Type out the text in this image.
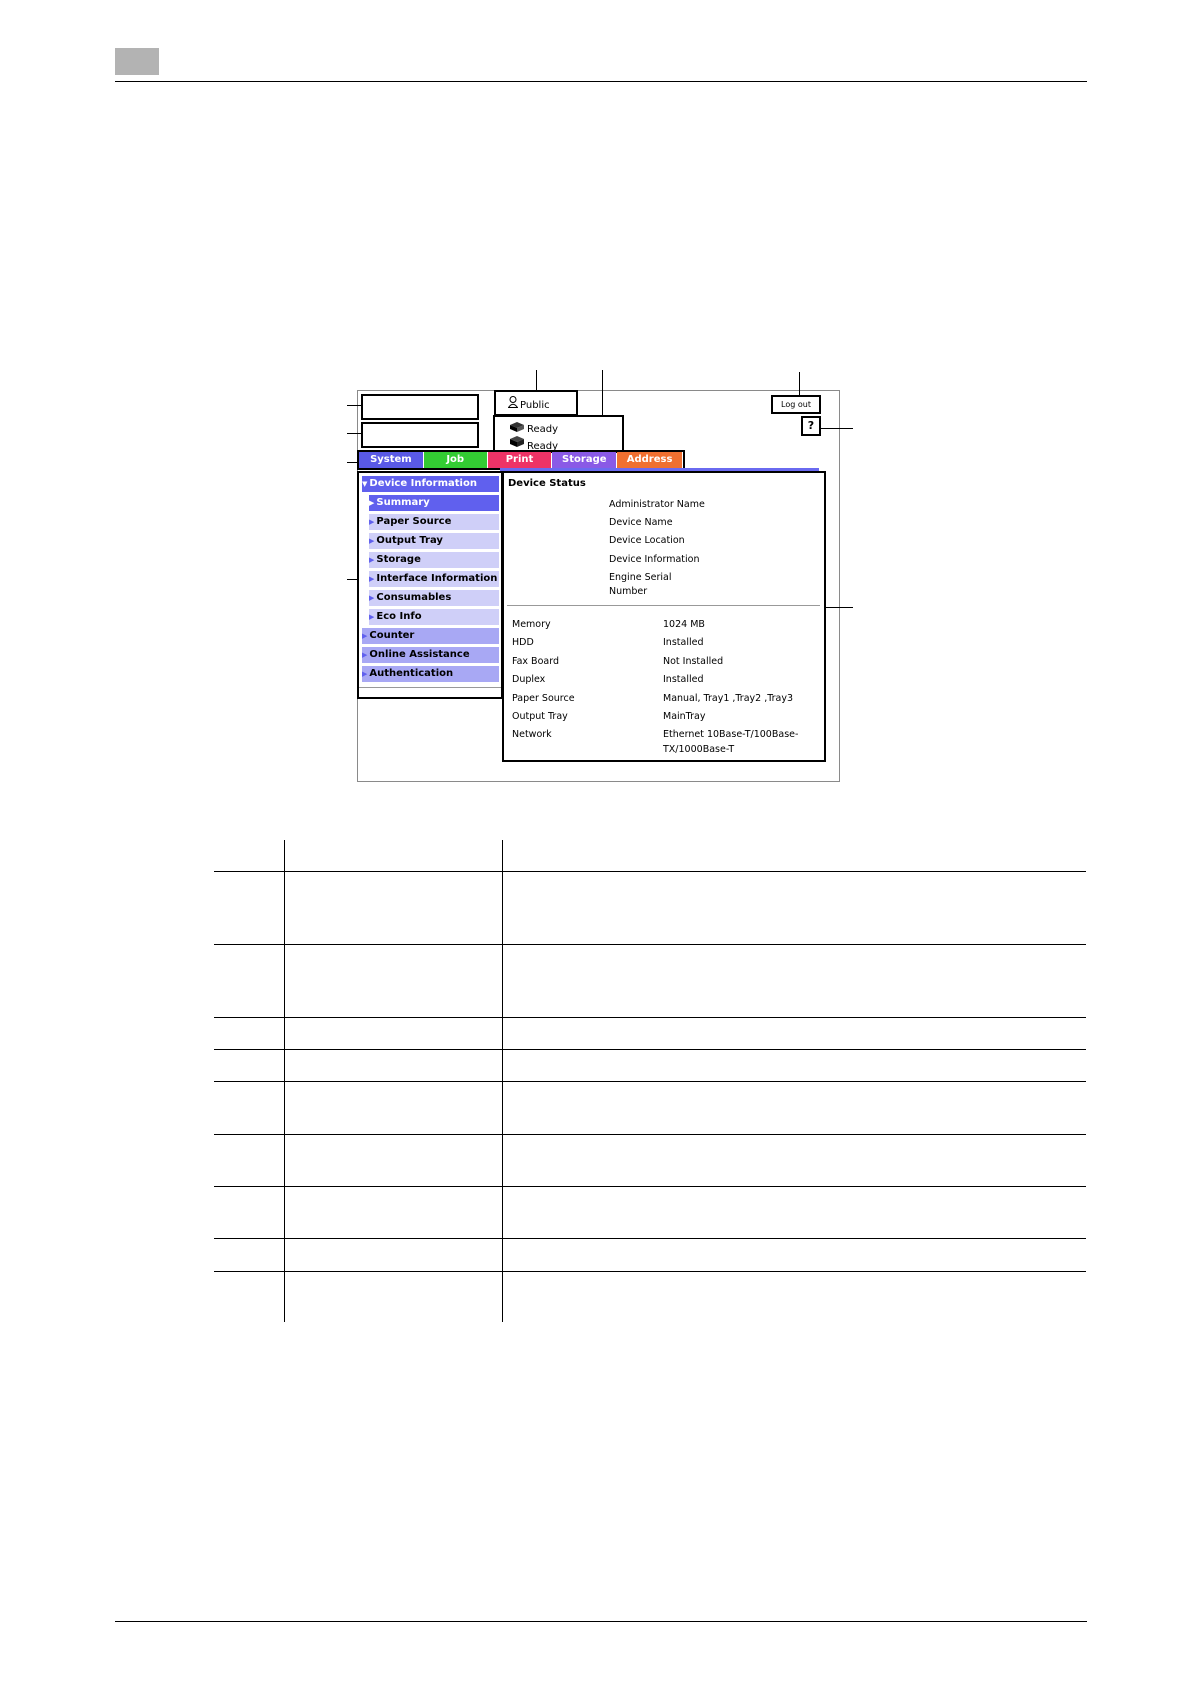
Public
Ready
Ready
Log out
?
System	Job	Print	Storage	Address
▼ Device Information
▶ Summary
▶ Paper Source
▶ Output Tray
▶ Storage
▶ Interface Information
▶ Consumables
▶ Eco Info
▶ Counter
▶ Online Assistance
▶ Authentication
Device Status
Administrator Name
Device Name
Device Location
Device Information
Engine Serial
Number
Memory	1024 MB
HDD	Installed
Fax Board	Not Installed
Duplex	Installed
Paper Source	Manual, Tray1 ,Tray2 ,Tray3
Output Tray	MainTray
Network	Ethernet 10Base-T/100Base-
TX/1000Base-T
